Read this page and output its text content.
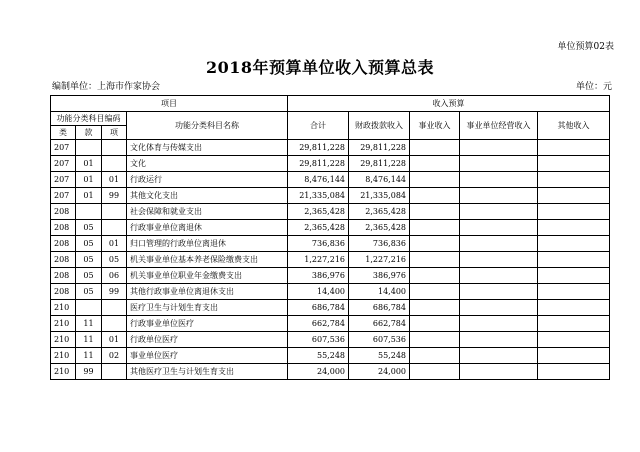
单位预算02表
2018年预算单位收入预算总表
编制单位：上海市作家协会	单位：元
项目				收入预算				
功能分类科目编码			功能分类科目名称	合计	财政拨款收入	事业收入	事业单位经营收入	其他收入
类	款	项						
207			文化体育与传媒支出	29,811,228	29,811,228			
207	01		文化	29,811,228	29,811,228			
207	01	01	行政运行	8,476,144	8,476,144			
207	01	99	其他文化支出	21,335,084	21,335,084			
208			社会保障和就业支出	2,365,428	2,365,428			
208	05		行政事业单位离退休	2,365,428	2,365,428			
208	05	01	归口管理的行政单位离退休	736,836	736,836			
208	05	05	机关事业单位基本养老保险缴费支出	1,227,216	1,227,216			
208	05	06	机关事业单位职业年金缴费支出	386,976	386,976			
208	05	99	其他行政事业单位离退休支出	14,400	14,400			
210			医疗卫生与计划生育支出	686,784	686,784			
210	11		行政事业单位医疗	662,784	662,784			
210	11	01	行政单位医疗	607,536	607,536			
210	11	02	事业单位医疗	55,248	55,248			
210	99		其他医疗卫生与计划生育支出	24,000	24,000			
